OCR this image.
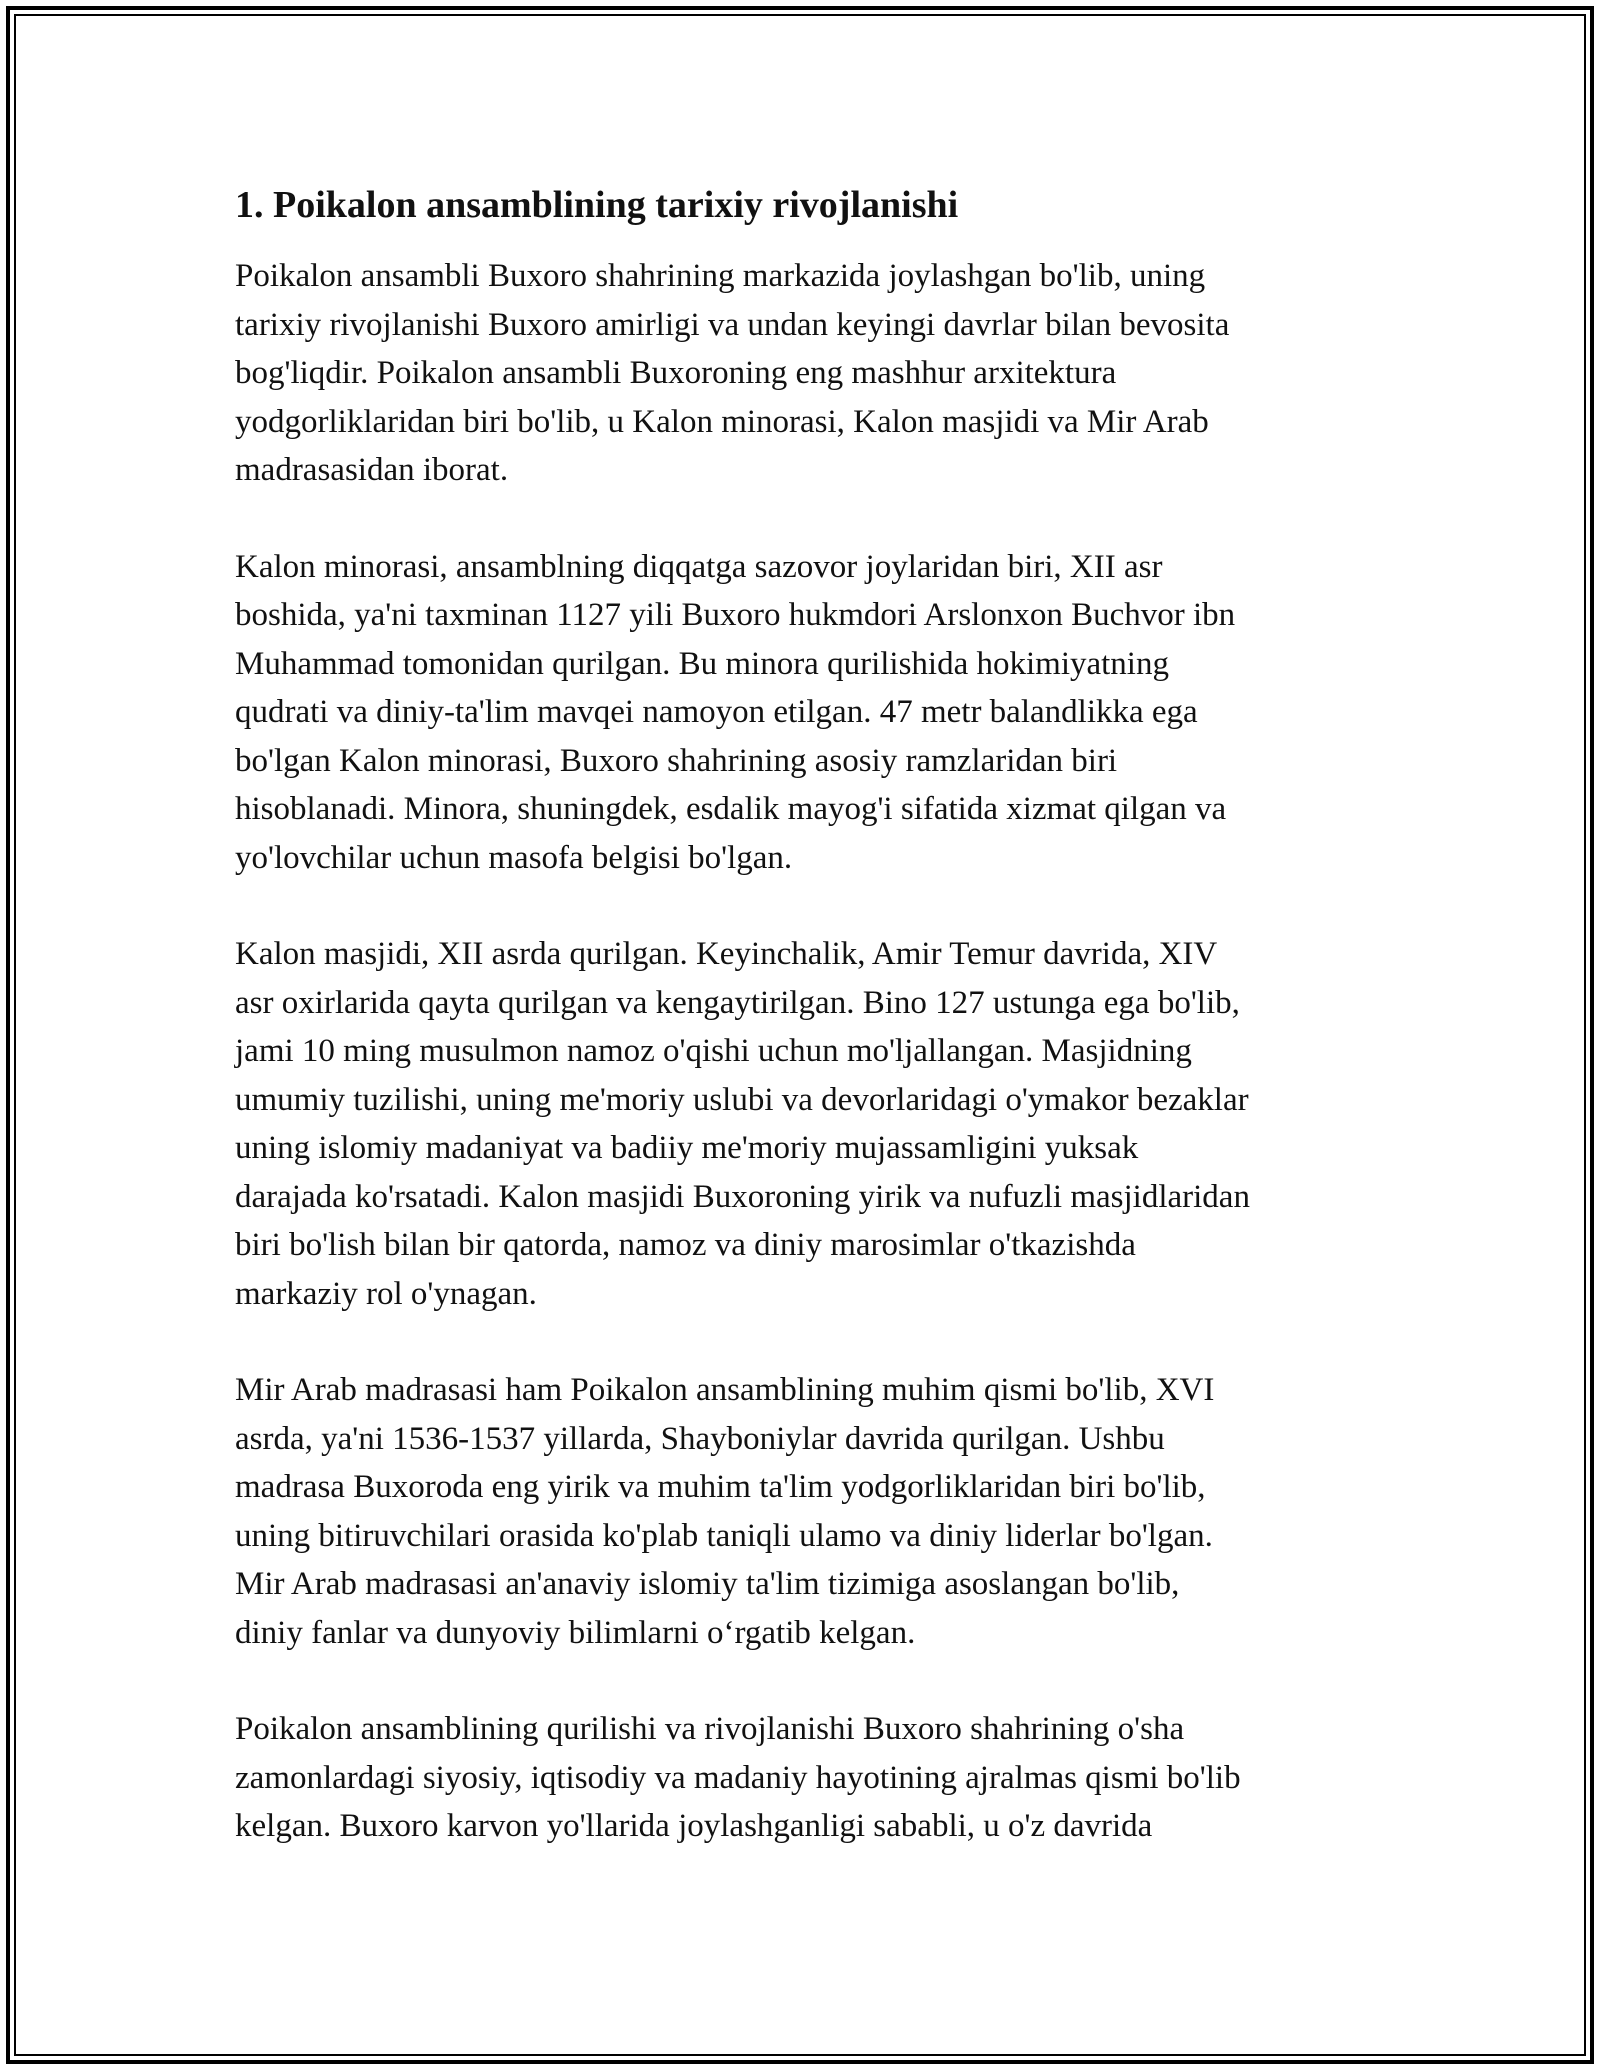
1. Poikalon ansamblining tarixiy rivojlanishi
Poikalon ansambli Buxoro shahrining markazida joylashgan bo'lib, uning
tarixiy rivojlanishi Buxoro amirligi va undan keyingi davrlar bilan bevosita
bog'liqdir. Poikalon ansambli Buxoroning eng mashhur arxitektura
yodgorliklaridan biri bo'lib, u Kalon minorasi, Kalon masjidi va Mir Arab
madrasasidan iborat.
Kalon minorasi, ansamblning diqqatga sazovor joylaridan biri, XII asr
boshida, ya'ni taxminan 1127 yili Buxoro hukmdori Arslonxon Buchvor ibn
Muhammad tomonidan qurilgan. Bu minora qurilishida hokimiyatning
qudrati va diniy-ta'lim mavqei namoyon etilgan. 47 metr balandlikka ega
bo'lgan Kalon minorasi, Buxoro shahrining asosiy ramzlaridan biri
hisoblanadi. Minora, shuningdek, esdalik mayog'i sifatida xizmat qilgan va
yo'lovchilar uchun masofa belgisi bo'lgan.
Kalon masjidi, XII asrda qurilgan. Keyinchalik, Amir Temur davrida, XIV
asr oxirlarida qayta qurilgan va kengaytirilgan. Bino 127 ustunga ega bo'lib,
jami 10 ming musulmon namoz o'qishi uchun mo'ljallangan. Masjidning
umumiy tuzilishi, uning me'moriy uslubi va devorlaridagi o'ymakor bezaklar
uning islomiy madaniyat va badiiy me'moriy mujassamligini yuksak
darajada ko'rsatadi. Kalon masjidi Buxoroning yirik va nufuzli masjidlaridan
biri bo'lish bilan bir qatorda, namoz va diniy marosimlar o'tkazishda
markaziy rol o'ynagan.
Mir Arab madrasasi ham Poikalon ansamblining muhim qismi bo'lib, XVI
asrda, ya'ni 1536-1537 yillarda, Shayboniylar davrida qurilgan. Ushbu
madrasa Buxoroda eng yirik va muhim ta'lim yodgorliklaridan biri bo'lib,
uning bitiruvchilari orasida ko'plab taniqli ulamo va diniy liderlar bo'lgan.
Mir Arab madrasasi an'anaviy islomiy ta'lim tizimiga asoslangan bo'lib,
diniy fanlar va dunyoviy bilimlarni o‘rgatib kelgan.
Poikalon ansamblining qurilishi va rivojlanishi Buxoro shahrining o'sha
zamonlardagi siyosiy, iqtisodiy va madaniy hayotining ajralmas qismi bo'lib
kelgan. Buxoro karvon yo'llarida joylashganligi sababli, u o'z davrida
